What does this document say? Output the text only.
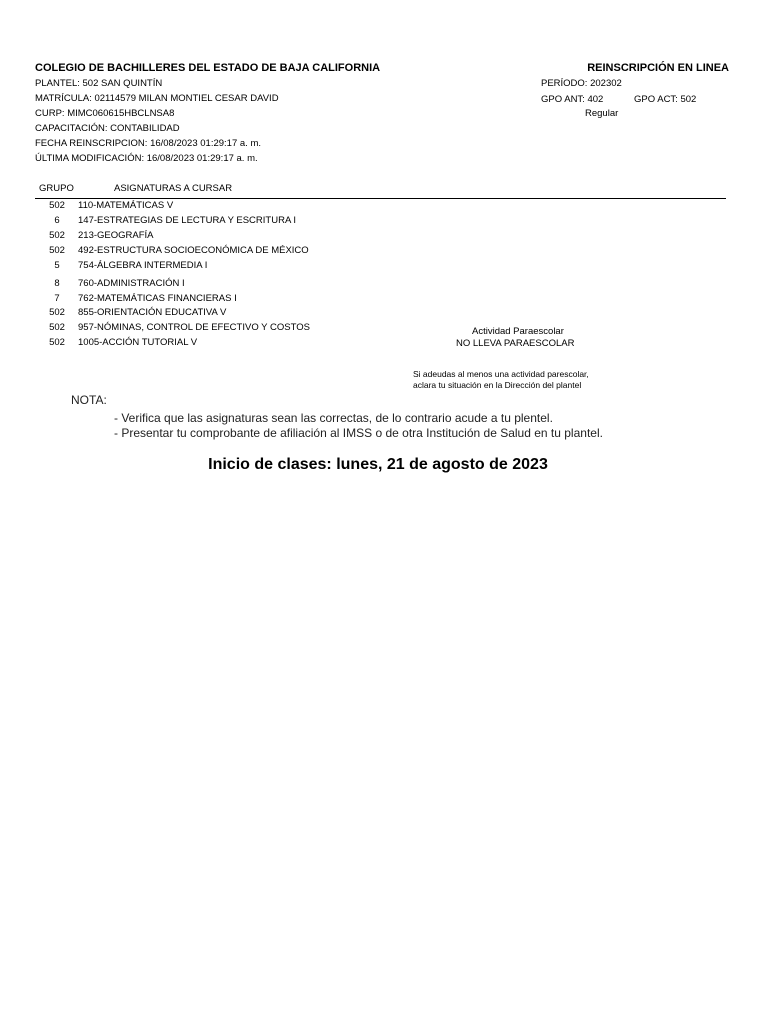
COLEGIO DE BACHILLERES DEL ESTADO DE BAJA CALIFORNIA	REINSCRIPCIÓN EN LINEA
PLANTEL: 502 SAN QUINTÍN
MATRÍCULA: 02114579 MILAN MONTIEL CESAR DAVID
CURP: MIMC060615HBCLNSA8
CAPACITACIÓN: CONTABILIDAD
FECHA REINSCRIPCION: 16/08/2023 01:29:17 a. m.
ÚLTIMA MODIFICACIÓN: 16/08/2023 01:29:17 a. m.
PERÍODO: 202302
GPO ANT: 402	GPO ACT: 502
Regular
GRUPO	ASIGNATURAS A CURSAR
502	110-MATEMÁTICAS V
6	147-ESTRATEGIAS DE LECTURA Y ESCRITURA I
502	213-GEOGRAFÍA
502	492-ESTRUCTURA SOCIOECONÓMICA DE MÉXICO
5	754-ÁLGEBRA INTERMEDIA I
8	760-ADMINISTRACIÓN I
7	762-MATEMÁTICAS FINANCIERAS I
502	855-ORIENTACIÓN EDUCATIVA V
502	957-NÓMINAS, CONTROL DE EFECTIVO Y COSTOS
502	1005-ACCIÓN TUTORIAL V
Actividad Paraescolar
NO LLEVA PARAESCOLAR
Si adeudas al menos una actividad parescolar,
aclara tu situación en la Dirección del plantel
NOTA:
- Verifica que las asignaturas sean las correctas, de lo contrario acude a tu plentel.
- Presentar tu comprobante de afiliación al IMSS o de otra Institución de Salud en tu plantel.
Inicio de clases: lunes, 21 de agosto de 2023
